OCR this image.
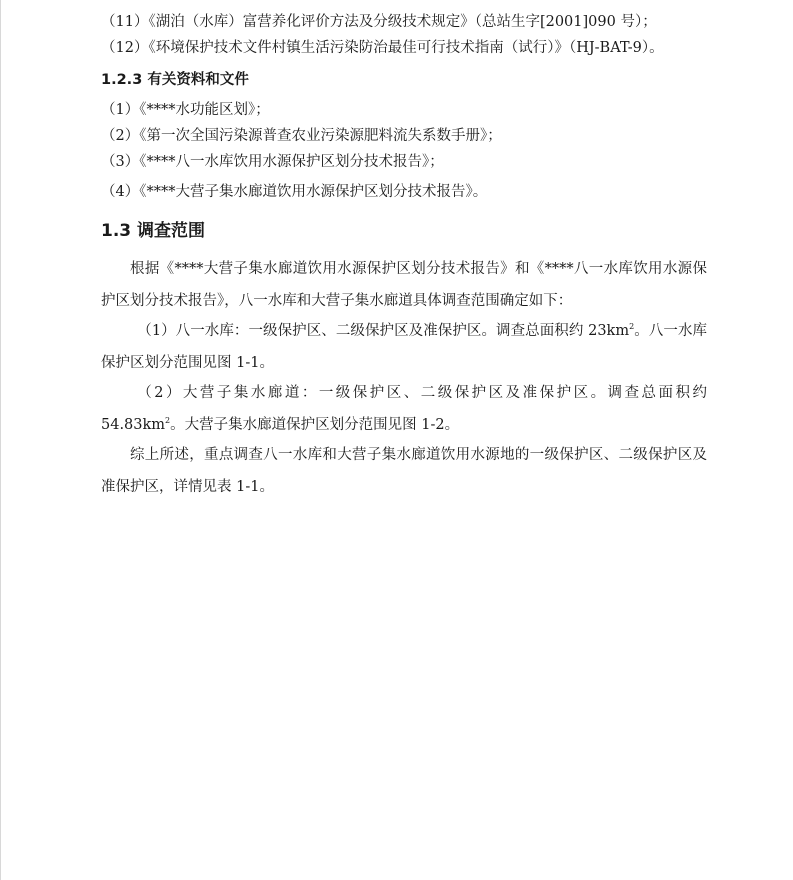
（11）《湖泊（水库）富营养化评价方法及分级技术规定》（总站生字[2001]090 号）；
（12）《环境保护技术文件村镇生活污染防治最佳可行技术指南（试行）》（HJ-BAT-9）。
1.2.3 有关资料和文件
（1）《****水功能区划》；
（2）《第一次全国污染源普查农业污染源肥料流失系数手册》；
（3）《****八一水库饮用水源保护区划分技术报告》；
（4）《****大营子集水廊道饮用水源保护区划分技术报告》。
1.3 调查范围
根据《****大营子集水廊道饮用水源保护区划分技术报告》和《****八一水库饮用水源保护区划分技术报告》，八一水库和大营子集水廊道具体调查范围确定如下：
（1）八一水库：一级保护区、二级保护区及准保护区。调查总面积约 $23km^2$。八一水库保护区划分范围见图 1-1。
（2）大营子集水廊道：一级保护区、二级保护区及准保护区。调查总面积约 $54.83km^2$。大营子集水廊道保护区划分范围见图 1-2。
综上所述，重点调查八一水库和大营子集水廊道饮用水源地的一级保护区、二级保护区及准保护区，详情见表 1-1。
